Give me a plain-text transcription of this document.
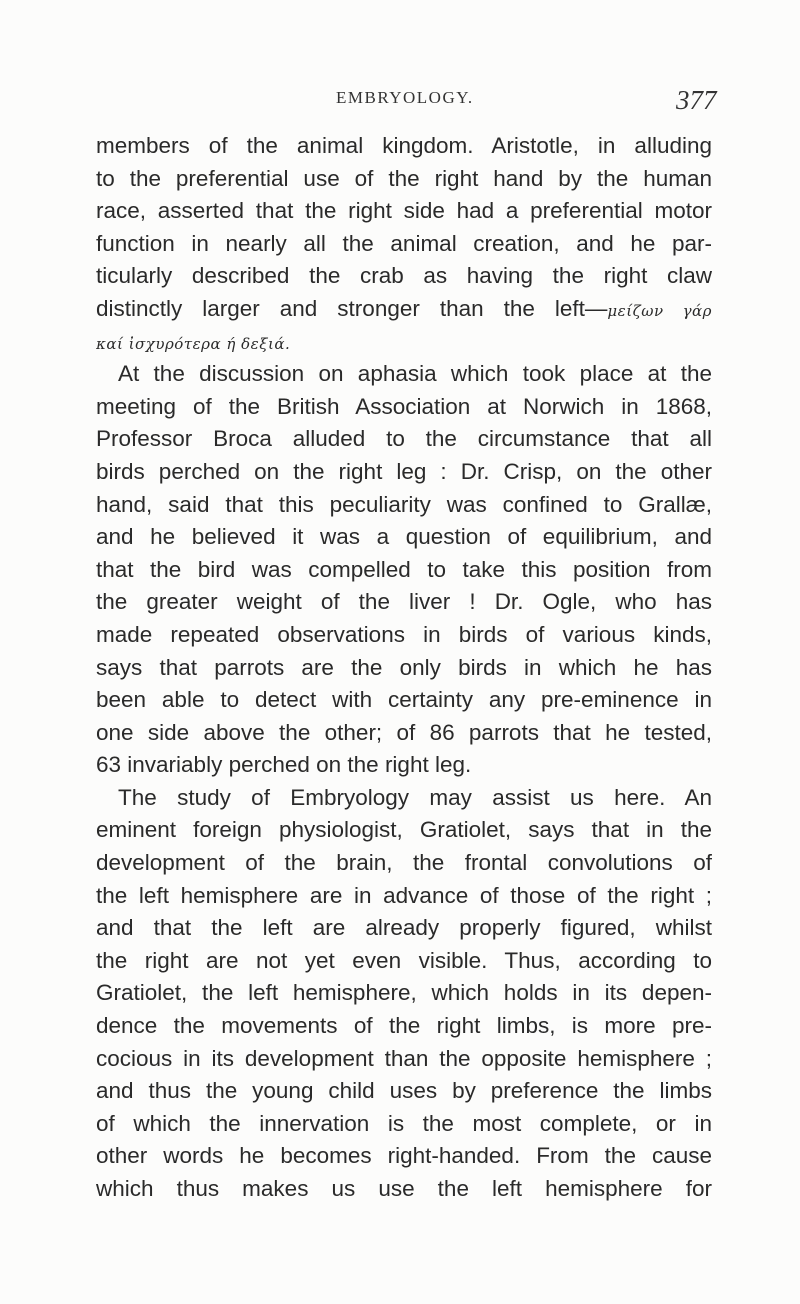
EMBRYOLOGY.	377
members of the animal kingdom. Aristotle, in alluding
to the preferential use of the right hand by the human
race, asserted that the right side had a preferential motor
function in nearly all the animal creation, and he par-
ticularly described the crab as having the right claw
distinctly larger and stronger than the left—μείζων γάρ
καί ἰσχυρότερα ή δεξιά.
At the discussion on aphasia which took place at the
meeting of the British Association at Norwich in 1868,
Professor Broca alluded to the circumstance that all
birds perched on the right leg : Dr. Crisp, on the other
hand, said that this peculiarity was confined to Grallæ,
and he believed it was a question of equilibrium, and
that the bird was compelled to take this position from
the greater weight of the liver ! Dr. Ogle, who has
made repeated observations in birds of various kinds,
says that parrots are the only birds in which he has
been able to detect with certainty any pre-eminence in
one side above the other; of 86 parrots that he tested,
63 invariably perched on the right leg.
The study of Embryology may assist us here. An
eminent foreign physiologist, Gratiolet, says that in the
development of the brain, the frontal convolutions of
the left hemisphere are in advance of those of the right ;
and that the left are already properly figured, whilst
the right are not yet even visible. Thus, according to
Gratiolet, the left hemisphere, which holds in its depen-
dence the movements of the right limbs, is more pre-
cocious in its development than the opposite hemisphere ;
and thus the young child uses by preference the limbs
of which the innervation is the most complete, or in
other words he becomes right-handed. From the cause
which thus makes us use the left hemisphere for
